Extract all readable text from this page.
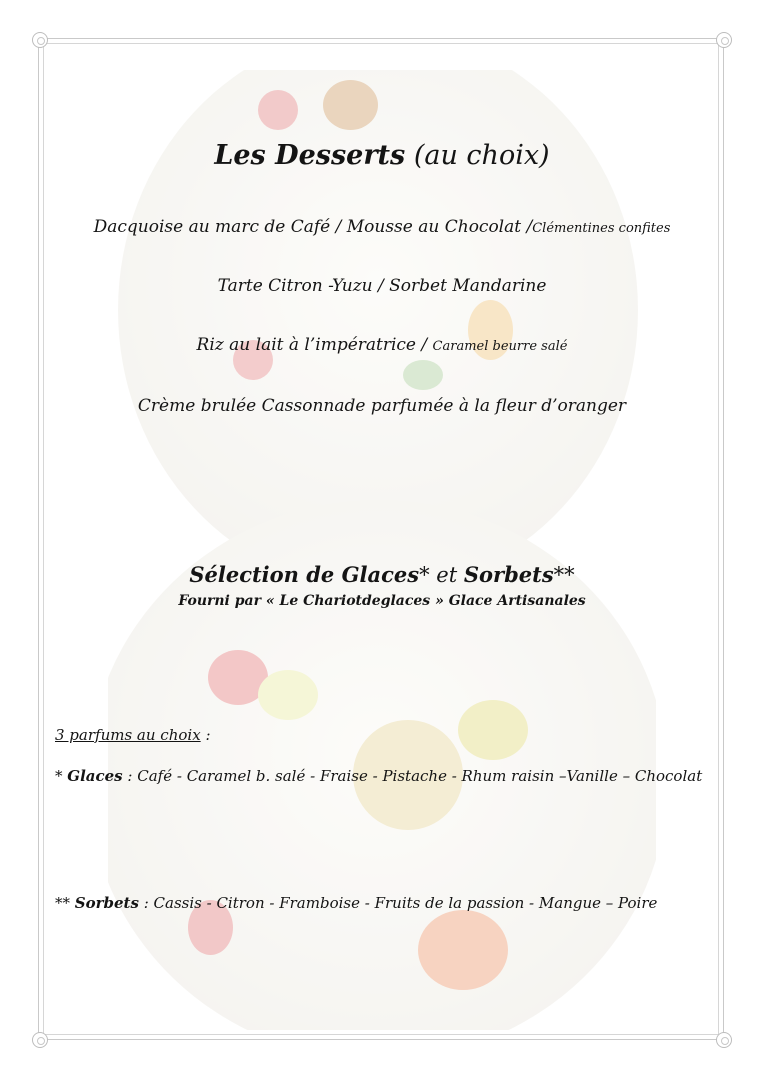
Les Desserts (au choix)
Dacquoise au marc de Café / Mousse au Chocolat /Clémentines confites
Tarte Citron -Yuzu / Sorbet Mandarine
Riz au lait à l’impératrice / Caramel beurre salé
Crème brulée Cassonnade parfumée à la fleur d’oranger
Sélection de Glaces* et Sorbets**
Fourni par « Le Chariotdeglaces » Glace Artisanales
3 parfums au choix :
* Glaces : Café - Caramel b. salé - Fraise - Pistache - Rhum raisin –Vanille – Chocolat
** Sorbets : Cassis - Citron - Framboise - Fruits de la passion - Mangue – Poire
